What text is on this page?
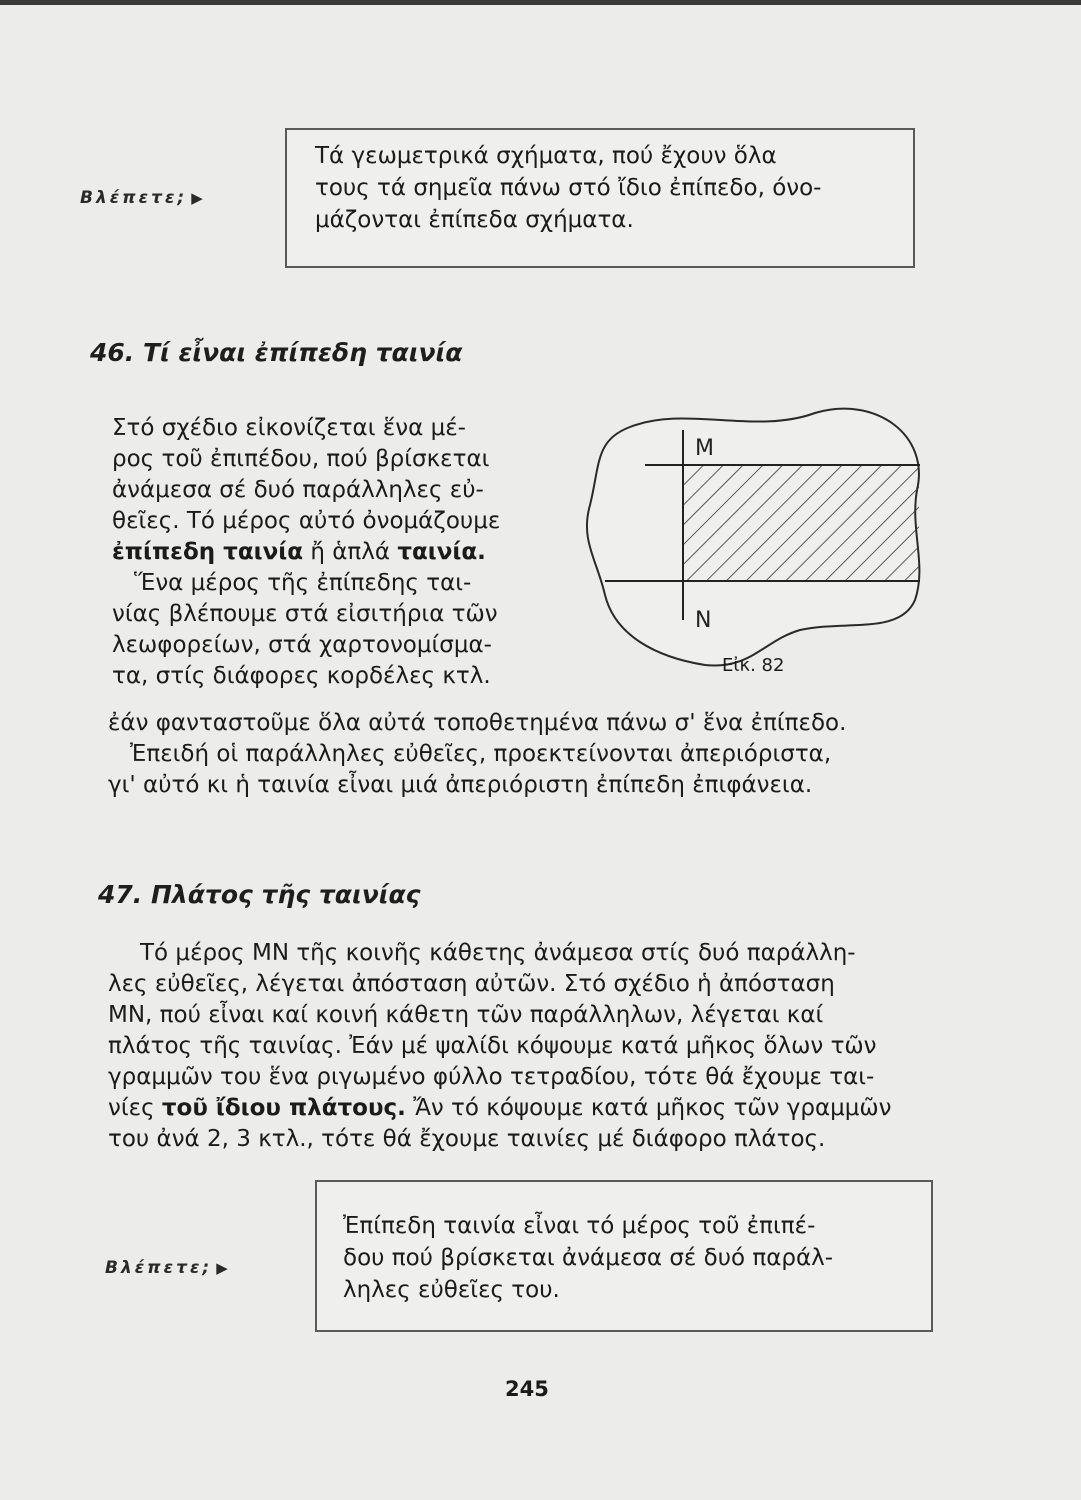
Βλέπετε; ▶

Τά γεωμετρικά σχήματα, πού ἔχουν ὅλα

τους τά σημεῖα πάνω στό ἴδιο ἐπίπεδο, όνο-

μάζονται ἐπίπεδα σχήματα.

46. Τί εἶναι ἐπίπεδη ταινία
Στό σχέδιο εἰκονίζεται ἕνα μέ-
ρος τοῦ ἐπιπέδου, πού βρίσκεται
ἀνάμεσα σέ δυό παράλληλες εὐ-
θεῖες. Τό μέρος αὐτό ὀνομάζουμε
ἐπίπεδη ταινία ἤ ἁπλά ταινία.
Ἕνα μέρος τῆς ἐπίπεδης ται-
νίας βλέπουμε στά εἰσιτήρια τῶν
λεωφορείων, στά χαρτονομίσμα-
τα, στίς διάφορες κορδέλες κτλ.
ἐάν φανταστοῦμε ὅλα αὐτά τοποθετημένα πάνω σ' ἕνα ἐπίπεδο.
Ἐπειδή οἱ παράλληλες εὐθεῖες, προεκτείνονται ἀπεριόριστα,
γι' αὐτό κι ἡ ταινία εἶναι μιά ἀπεριόριστη ἐπίπεδη ἐπιφάνεια.
M
N
Εἰκ. 82
47. Πλάτος τῆς ταινίας
Τό μέρος ΜΝ τῆς κοινῆς κάθετης ἀνάμεσα στίς δυό παράλλη-
λες εὐθεῖες, λέγεται ἀπόσταση αὐτῶν. Στό σχέδιο ἡ ἀπόσταση
ΜΝ, πού εἶναι καί κοινή κάθετη τῶν παράλληλων, λέγεται καί
πλάτος τῆς ταινίας. Ἐάν μέ ψαλίδι κόψουμε κατά μῆκος ὅλων τῶν
γραμμῶν του ἕνα ριγωμένο φύλλο τετραδίου, τότε θά ἔχουμε ται-
νίες τοῦ ἴδιου πλάτους. Ἄν τό κόψουμε κατά μῆκος τῶν γραμμῶν
του ἀνά 2, 3 κτλ., τότε θά ἔχουμε ταινίες μέ διάφορο πλάτος.
Βλέπετε; ▶

Ἐπίπεδη ταινία εἶναι τό μέρος τοῦ ἐπιπέ-

δου πού βρίσκεται ἀνάμεσα σέ δυό παράλ-

ληλες εὐθεῖες του.

245
